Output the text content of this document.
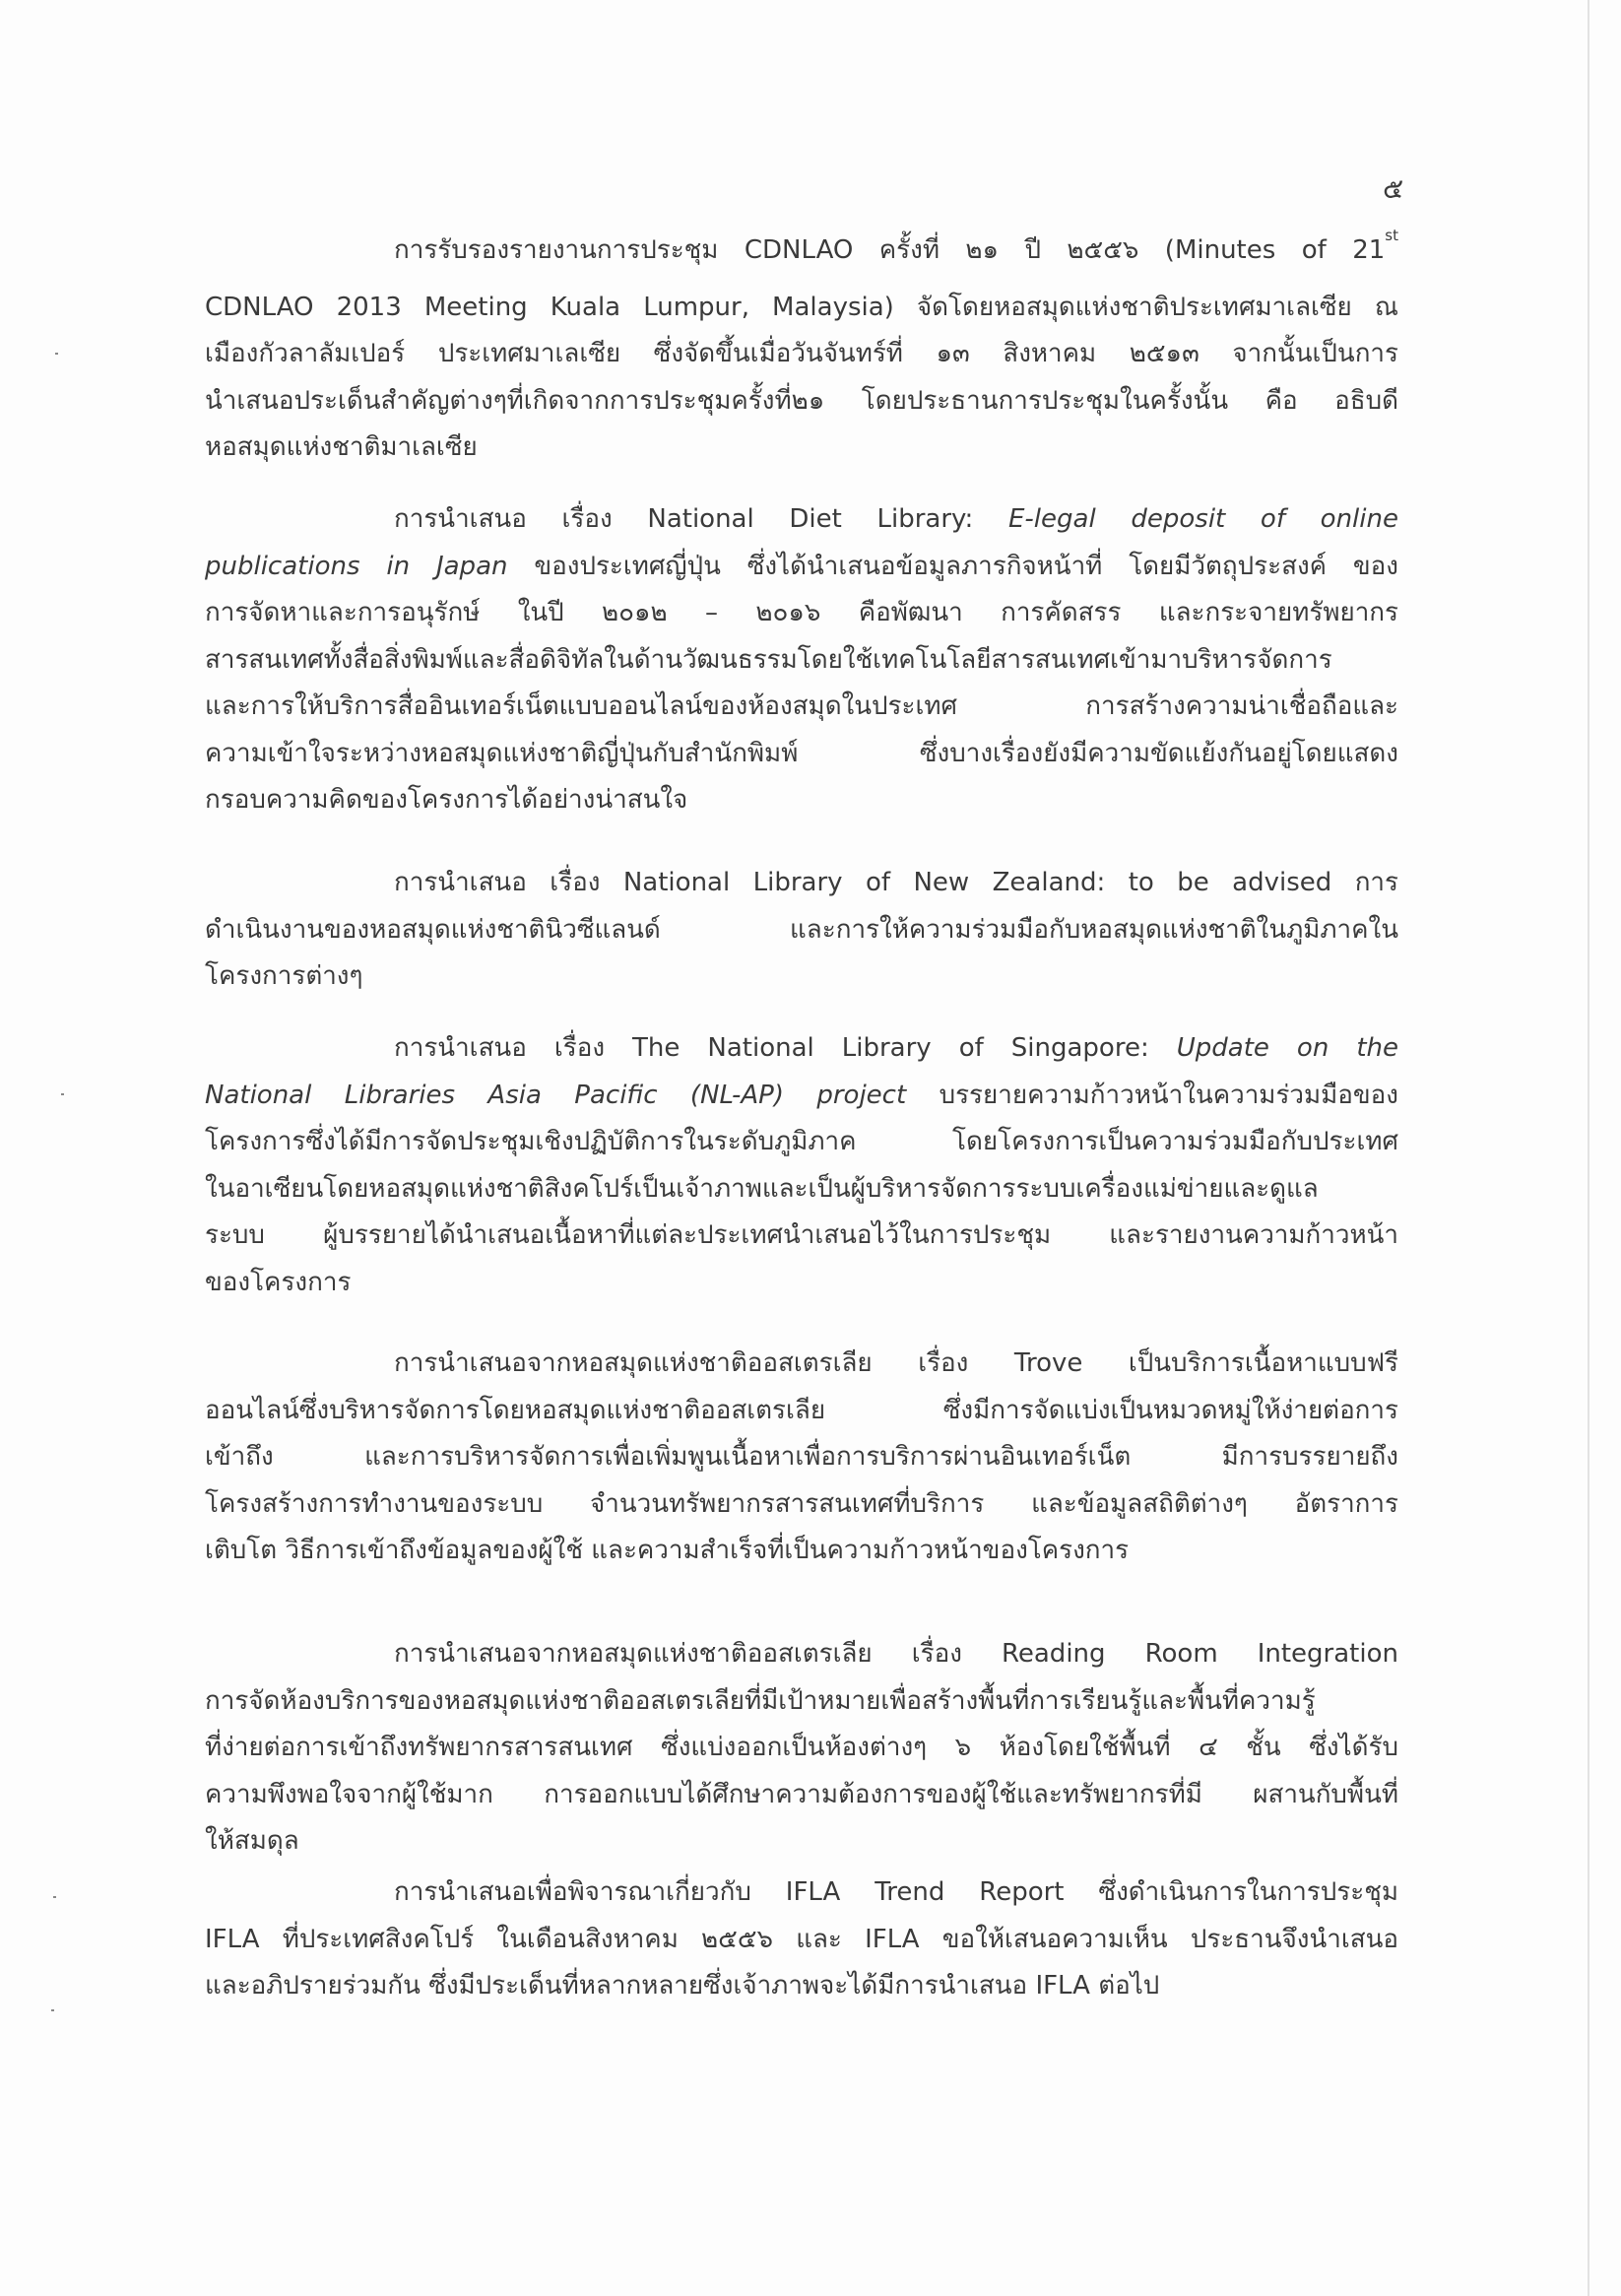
๕
การรับรองรายงานการประชุม CDNLAO ครั้งที่ ๒๑ ปี ๒๕๕๖ (Minutes of 21st
CDNLAO 2013 Meeting Kuala Lumpur, Malaysia) จัดโดยหอสมุดแห่งชาติประเทศมาเลเซีย ณ
เมืองกัวลาลัมเปอร์ ประเทศมาเลเซีย ซึ่งจัดขึ้นเมื่อวันจันทร์ที่ ๑๓ สิงหาคม ๒๕๑๓ จากนั้นเป็นการ
นำเสนอประเด็นสำคัญต่างๆที่เกิดจากการประชุมครั้งที่๒๑ โดยประธานการประชุมในครั้งนั้น คือ อธิบดี
หอสมุดแห่งชาติมาเลเซีย
การนำเสนอ เรื่อง National Diet Library: E-legal deposit of online
publications in Japan ของประเทศญี่ปุ่น ซึ่งได้นำเสนอข้อมูลภารกิจหน้าที่ โดยมีวัตถุประสงค์ ของ
การจัดหาและการอนุรักษ์ ในปี ๒๐๑๒ – ๒๐๑๖ คือพัฒนา การคัดสรร และกระจายทรัพยากร
สารสนเทศทั้งสื่อสิ่งพิมพ์และสื่อดิจิทัลในด้านวัฒนธรรมโดยใช้เทคโนโลยีสารสนเทศเข้ามาบริหารจัดการ
และการให้บริการสื่ออินเทอร์เน็ตแบบออนไลน์ของห้องสมุดในประเทศ การสร้างความน่าเชื่อถือและ
ความเข้าใจระหว่างหอสมุดแห่งชาติญี่ปุ่นกับสำนักพิมพ์ ซึ่งบางเรื่องยังมีความขัดแย้งกันอยู่โดยแสดง
กรอบความคิดของโครงการได้อย่างน่าสนใจ
การนำเสนอ เรื่อง National Library of New Zealand: to be advised การ
ดำเนินงานของหอสมุดแห่งชาตินิวซีแลนด์ และการให้ความร่วมมือกับหอสมุดแห่งชาติในภูมิภาคใน
โครงการต่างๆ
การนำเสนอ เรื่อง The National Library of Singapore: Update on the
National Libraries Asia Pacific (NL-AP) project บรรยายความก้าวหน้าในความร่วมมือของ
โครงการซึ่งได้มีการจัดประชุมเชิงปฏิบัติการในระดับภูมิภาค โดยโครงการเป็นความร่วมมือกับประเทศ
ในอาเซียนโดยหอสมุดแห่งชาติสิงคโปร์เป็นเจ้าภาพและเป็นผู้บริหารจัดการระบบเครื่องแม่ข่ายและดูแล
ระบบ ผู้บรรยายได้นำเสนอเนื้อหาที่แต่ละประเทศนำเสนอไว้ในการประชุม และรายงานความก้าวหน้า
ของโครงการ
การนำเสนอจากหอสมุดแห่งชาติออสเตรเลีย เรื่อง Trove เป็นบริการเนื้อหาแบบฟรี
ออนไลน์ซึ่งบริหารจัดการโดยหอสมุดแห่งชาติออสเตรเลีย ซึ่งมีการจัดแบ่งเป็นหมวดหมู่ให้ง่ายต่อการ
เข้าถึง และการบริหารจัดการเพื่อเพิ่มพูนเนื้อหาเพื่อการบริการผ่านอินเทอร์เน็ต มีการบรรยายถึง
โครงสร้างการทำงานของระบบ จำนวนทรัพยากรสารสนเทศที่บริการ และข้อมูลสถิติต่างๆ อัตราการ
เติบโต วิธีการเข้าถึงข้อมูลของผู้ใช้ และความสำเร็จที่เป็นความก้าวหน้าของโครงการ
การนำเสนอจากหอสมุดแห่งชาติออสเตรเลีย เรื่อง Reading Room Integration
การจัดห้องบริการของหอสมุดแห่งชาติออสเตรเลียที่มีเป้าหมายเพื่อสร้างพื้นที่การเรียนรู้และพื้นที่ความรู้
ที่ง่ายต่อการเข้าถึงทรัพยากรสารสนเทศ ซึ่งแบ่งออกเป็นห้องต่างๆ ๖ ห้องโดยใช้พื้นที่ ๔ ชั้น ซึ่งได้รับ
ความพึงพอใจจากผู้ใช้มาก การออกแบบได้ศึกษาความต้องการของผู้ใช้และทรัพยากรที่มี ผสานกับพื้นที่
ให้สมดุล
การนำเสนอเพื่อพิจารณาเกี่ยวกับ IFLA Trend Report ซึ่งดำเนินการในการประชุม
IFLA ที่ประเทศสิงคโปร์ ในเดือนสิงหาคม ๒๕๕๖ และ IFLA ขอให้เสนอความเห็น ประธานจึงนำเสนอ
และอภิปรายร่วมกัน ซึ่งมีประเด็นที่หลากหลายซึ่งเจ้าภาพจะได้มีการนำเสนอ IFLA ต่อไป
